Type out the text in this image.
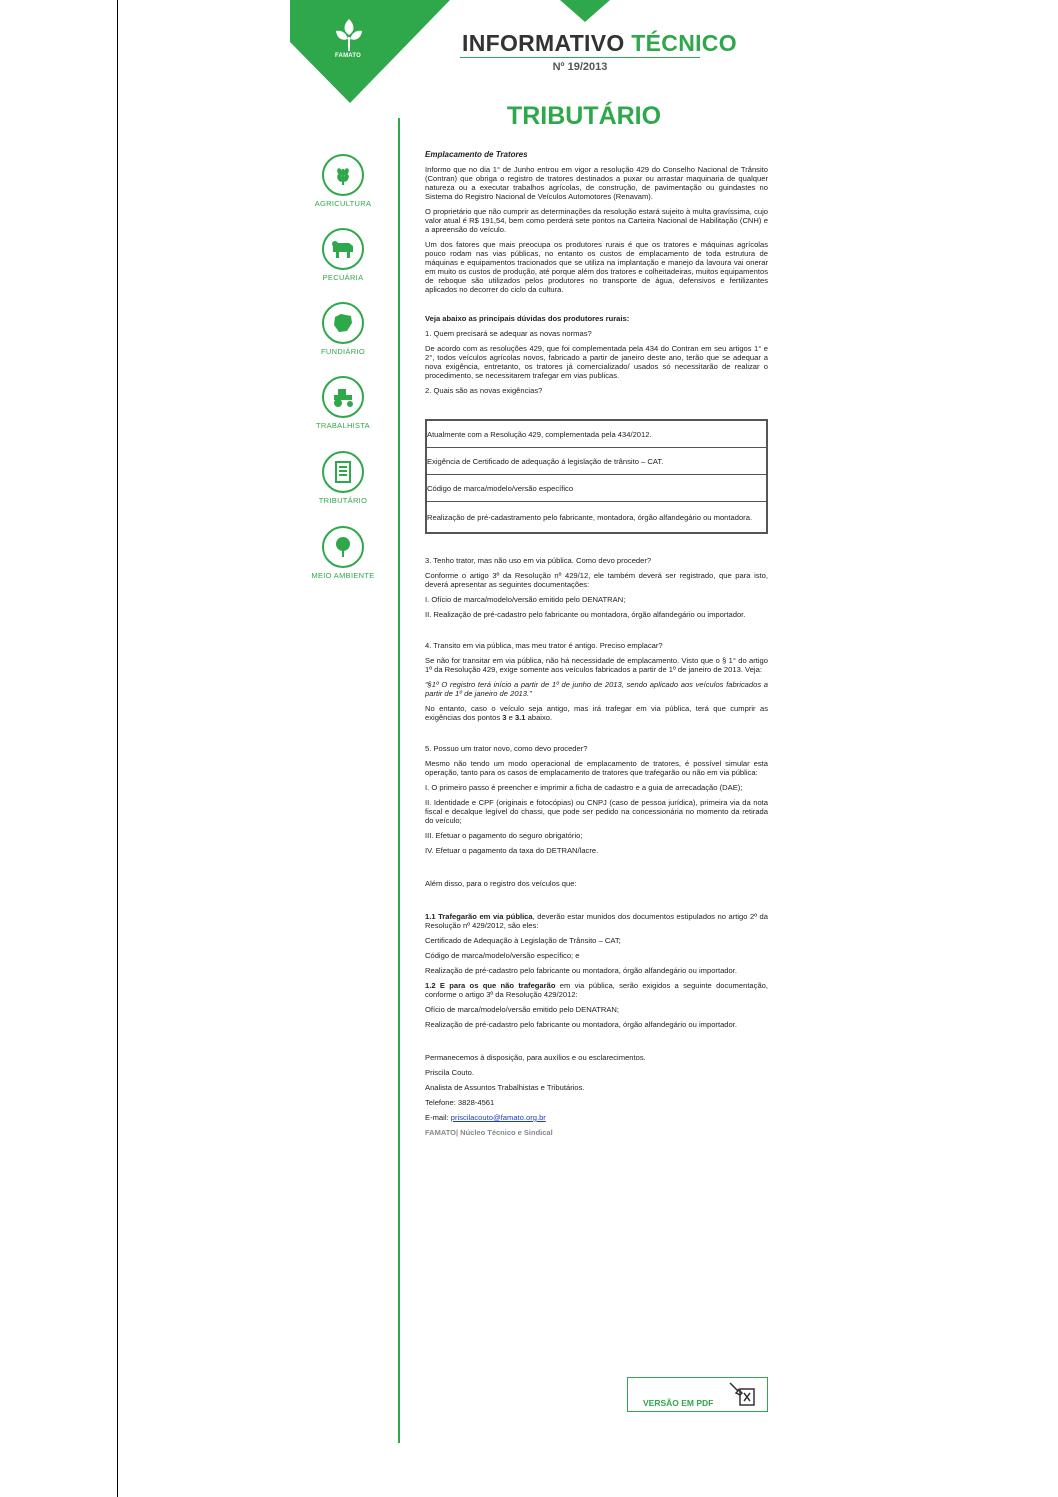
FAMATO	INFORMATIVO TÉCNICO
Nº 19/2013
TRIBUTÁRIO
AGRICULTURA
PECUÁRIA
FUNDIÁRIO
TRABALHISTA
TRIBUTÁRIO
MEIO AMBIENTE

Emplacamento de Tratores

Informo que no dia 1° de Junho entrou em vigor a resolução 429 do Conselho Nacional de Trânsito (Contran) que obriga o registro de tratores destinados a puxar ou arrastar maquinaria de qualquer natureza ou a executar trabalhos agrícolas, de construção, de pavimentação ou guindastes no Sistema do Registro Nacional de Veículos Automotores (Renavam).

O proprietário que não cumprir as determinações da resolução estará sujeito à multa gravíssima, cujo valor atual é R$ 191,54, bem como perderá sete pontos na Carteira Nacional de Habilitação (CNH) e a apreensão do veículo.

Um dos fatores que mais preocupa os produtores rurais é que os tratores e máquinas agrícolas pouco rodam nas vias públicas, no entanto os custos de emplacamento de toda estrutura de máquinas e equipamentos tracionados que se utiliza na implantação e manejo da lavoura vai onerar em muito os custos de produção, até porque além dos tratores e colheitadeiras, muitos equipamentos de reboque são utilizados pelos produtores no transporte de água, defensivos e fertilizantes aplicados no decorrer do ciclo da cultura.

Veja abaixo as principais dúvidas dos produtores rurais:

1. Quem precisará se adequar as novas normas?

De acordo com as resoluções 429, que foi complementada pela 434 do Contran em seu artigos 1° e 2°, todos veículos agrícolas novos, fabricado a partir de janeiro deste ano, terão que se adequar a nova exigência, entretanto, os tratores já comercializado/ usados só necessitarão de realizar o procedimento, se necessitarem trafegar em vias publicas.

2. Quais são as novas exigências?

Atualmente com a Resolução 429, complementada pela 434/2012.
Exigência de Certificado de adequação á legislação de trânsito – CAT.
Código de marca/modelo/versão específico
Realização de pré-cadastramento pelo fabricante, montadora, órgão alfandegário ou montadora.

3. Tenho trator, mas não uso em via pública. Como devo proceder?

Conforme o artigo 3º da Resolução nº 429/12, ele também deverá ser registrado, que para isto, deverá apresentar as seguintes documentações:

I. Ofício de marca/modelo/versão emitido pelo DENATRAN;

II. Realização de pré-cadastro pelo fabricante ou montadora, órgão alfandegário ou importador.

4. Transito em via pública, mas meu trator é antigo. Preciso emplacar?

Se não for transitar em via pública, não há necessidade de emplacamento. Visto que o § 1° do artigo 1º da Resolução 429, exige somente aos veículos fabricados a partir de 1º de janeiro de 2013. Veja:

“§1º O registro terá início a partir de 1º de junho de 2013, sendo aplicado aos veículos fabricados a partir de 1º de janeiro de 2013.”

No entanto, caso o veículo seja antigo, mas irá trafegar em via pública, terá que cumprir as exigências dos pontos 3 e 3.1 abaixo.

5. Possuo um trator novo, como devo proceder?

Mesmo não tendo um modo operacional de emplacamento de tratores, é possível simular esta operação, tanto para os casos de emplacamento de tratores que trafegarão ou não em via pública:

I. O primeiro passo é preencher e imprimir a ficha de cadastro e a guia de arrecadação (DAE);

II. Identidade e CPF (originais e fotocópias) ou CNPJ (caso de pessoa jurídica), primeira via da nota fiscal e decalque legível do chassi, que pode ser pedido na concessionária no momento da retirada do veículo;

III. Efetuar o pagamento do seguro obrigatório;

IV. Efetuar o pagamento da taxa do DETRAN/lacre.

Além disso, para o registro dos veículos que:

1.1 Trafegarão em via pública, deverão estar munidos dos documentos estipulados no artigo 2º da Resolução nº 429/2012, são eles:

Certificado de Adequação à Legislação de Trânsito – CAT;

Código de marca/modelo/versão específico; e

Realização de pré-cadastro pelo fabricante ou montadora, órgão alfandegário ou importador.

1.2 E para os que não trafegarão em via pública, serão exigidos a seguinte documentação, conforme o artigo 3º da Resolução 429/2012:

Ofício de marca/modelo/versão emitido pelo DENATRAN;

Realização de pré-cadastro pelo fabricante ou montadora, órgão alfandegário ou importador.

Permanecemos à disposição, para auxílios e ou esclarecimentos.

Priscila Couto.

Analista de Assuntos Trabalhistas e Tributários.

Telefone: 3828-4561

E-mail: priscilacouto@famato.org.br

FAMATO| Núcleo Técnico e Sindical

VERSÃO EM PDF
